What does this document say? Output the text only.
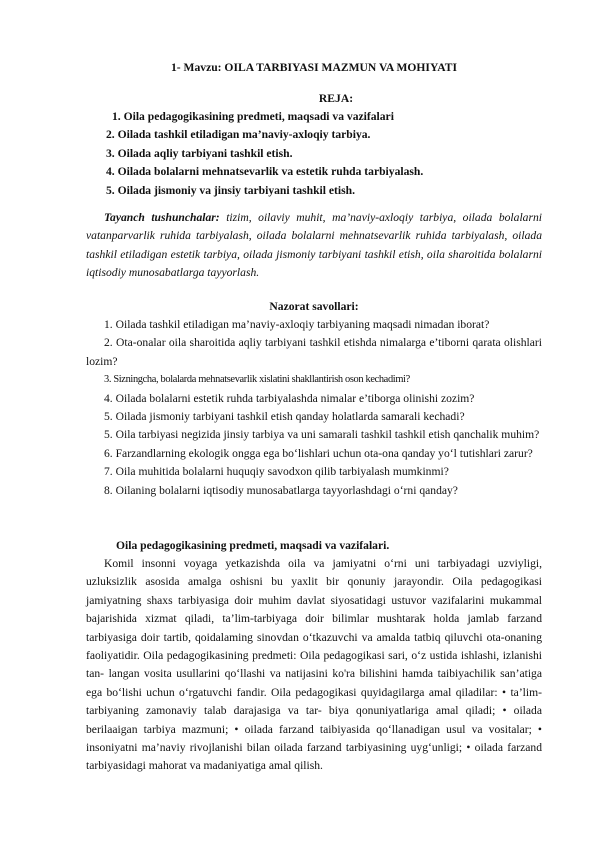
1- Mavzu: OILA TARBIYASI MAZMUN VA MOHIYATI
REJA:
1. Oila pedagogikasining predmeti, maqsadi va vazifalari
2. Oilada tashkil etiladigan ma’naviy-axloqiy tarbiya.
3. Oilada aqliy tarbiyani tashkil etish.
4. Oilada bolalarni mehnatsevarlik va estetik ruhda tarbiyalash.
5. Oilada jismoniy va jinsiy tarbiyani tashkil etish.

Tayanch tushunchalar: tizim, oilaviy muhit, ma’naviy-axloqiy tarbiya, oilada bolalarni vatanparvarlik ruhida tarbiyalash, oilada bolalarni mehnatsevarlik ruhida tarbiyalash, oilada tashkil etiladigan estetik tarbiya, oilada jismoniy tarbiyani tashkil etish, oila sharoitida bolalarni iqtisodiy munosabatlarga tayyorlash.

Nazorat savollari:

1. Oilada tashkil etiladigan ma’naviy-axloqiy tarbiyaning maqsadi nimadan iborat?

2. Ota-onalar oila sharoitida aqliy tarbiyani tashkil etishda nimalarga e’tiborni qarata olishlari lozim?

3. Sizningcha, bolalarda mehnatsevarlik xislatini shakllantirish oson kechadimi?

4. Oilada bolalarni estetik ruhda tarbiyalashda nimalar e’tiborga olinishi zozim?

5. Oilada jismoniy tarbiyani tashkil etish qanday holatlarda samarali kechadi?

5. Oila tarbiyasi negizida jinsiy tarbiya va uni samarali tashkil tashkil etish qanchalik muhim?

6. Farzandlarning ekologik ongga ega bo‘lishlari uchun ota-ona qanday yo‘l tutishlari zarur?

7. Oila muhitida bolalarni huquqiy savodxon qilib tarbiyalash mumkinmi?

8. Oilaning bolalarni iqtisodiy munosabatlarga tayyorlashdagi o‘rni qanday?

Oila pedagogikasining predmeti, maqsadi va vazifalari.

Komil insonni voyaga yetkazishda oila va jamiyatni o‘rni uni tarbiyadagi uzviyligi, uzluksizlik asosida amalga oshisni bu yaxlit bir qonuniy jarayondir. Oila pedagogikasi jamiyatning shaxs tarbiyasiga doir muhim davlat siyosatidagi ustuvor vazifalarini mukammal bajarishida xizmat qiladi, ta’lim-tarbiyaga doir bilimlar mushtarak holda jamlab farzand tarbiyasiga doir tartib, qoidalaming sinovdan o‘tkazuvchi va amalda tatbiq qiluvchi ota-onaning faoliyatidir. Oila pedagogikasining predmeti: Oila pedagogikasi sari, o‘z ustida ishlashi, izlanishi tan- langan vosita usullarini qo‘llashi va natijasini ko'ra bilishini hamda taibiyachilik san’atiga ega bo‘lishi uchun o‘rgatuvchi fandir. Oila pedagogikasi quyidagilarga amal qiladilar: • ta’lim-tarbiyaning zamonaviy talab darajasiga va tar- biya qonuniyatlariga amal qiladi; • oilada berilaaigan tarbiya mazmuni; • oilada farzand taibiyasida qo‘llanadigan usul va vositalar; • insoniyatni ma’naviy rivojlanishi bilan oilada farzand tarbiyasining uyg‘unligi; • oilada farzand tarbiyasidagi mahorat va madaniyatiga amal qilish.
